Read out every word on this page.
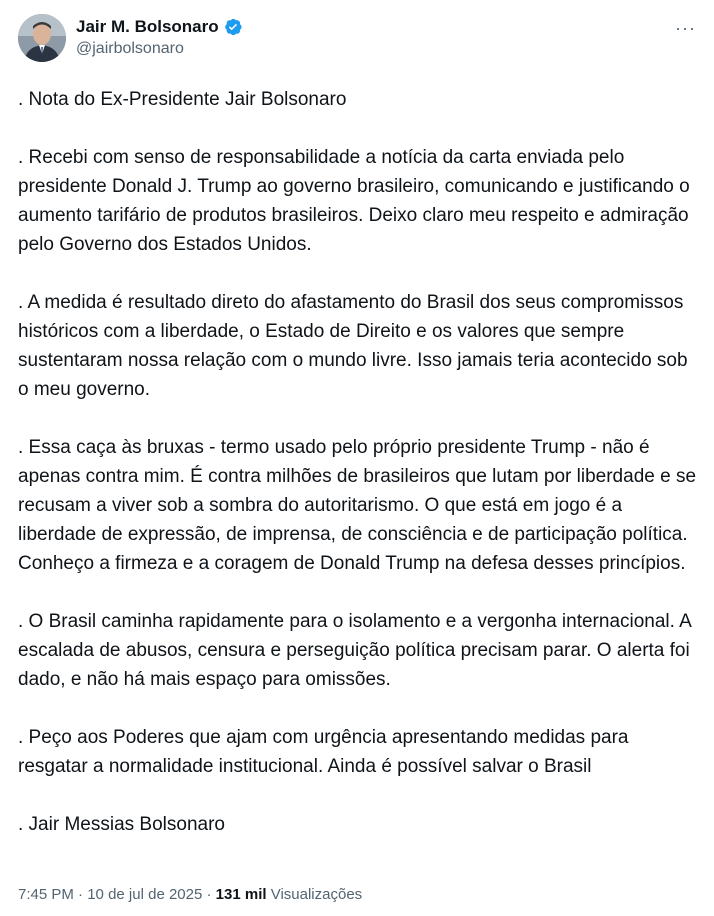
Jair M. Bolsonaro
@jairbolsonaro
···

. Nota do Ex-Presidente Jair Bolsonaro

. Recebi com senso de responsabilidade a notícia da carta enviada pelo presidente Donald J. Trump ao governo brasileiro, comunicando e justificando o aumento tarifário de produtos brasileiros. Deixo claro meu respeito e admiração pelo Governo dos Estados Unidos.

. A medida é resultado direto do afastamento do Brasil dos seus compromissos históricos com a liberdade, o Estado de Direito e os valores que sempre sustentaram nossa relação com o mundo livre. Isso jamais teria acontecido sob o meu governo.

. Essa caça às bruxas - termo usado pelo próprio presidente Trump - não é apenas contra mim. É contra milhões de brasileiros que lutam por liberdade e se recusam a viver sob a sombra do autoritarismo. O que está em jogo é a liberdade de expressão, de imprensa, de consciência e de participação política. Conheço a firmeza e a coragem de Donald Trump na defesa desses princípios.

. O Brasil caminha rapidamente para o isolamento e a vergonha internacional. A escalada de abusos, censura e perseguição política precisam parar. O alerta foi dado, e não há mais espaço para omissões.

. Peço aos Poderes que ajam com urgência apresentando medidas para resgatar a normalidade institucional. Ainda é possível salvar o Brasil

. Jair Messias Bolsonaro

7:45 PM · 10 de jul de 2025 · 131 mil Visualizações
